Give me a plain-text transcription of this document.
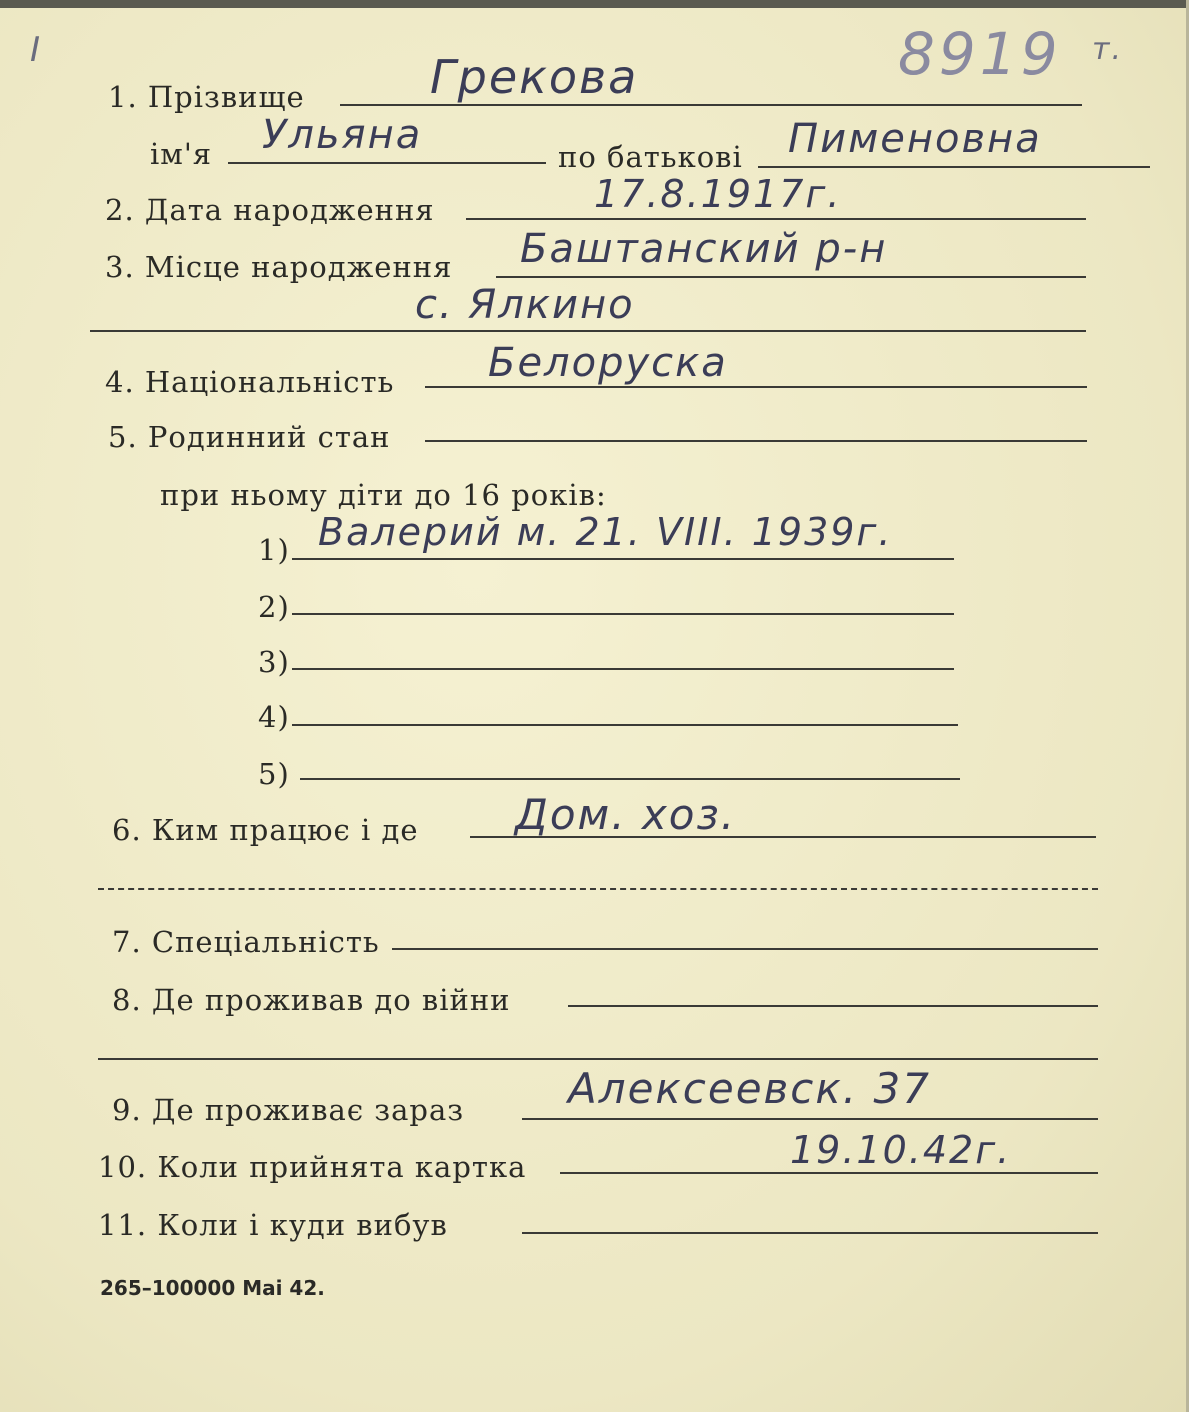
I	8919 т.
1. Прізвище	Грекова
ім'я Ульяна	по батькові Пименовна
2. Дата народження	17.8.1917г.
3. Місце народження Баштанский р-н
с. Ялкино
4. Національність Белоруска
5. Родинний стан
при ньому діти до 16 років:
1) Валерий м. 21. VIII. 1939г.
2)
3)
4)
5)
6. Ким працює і де Дом. хоз.
7. Спеціальність
8. Де проживав до війни
9. Де проживає зараз Алексеевск. 37
10. Коли прийнята картка	19.10.42г.
11. Коли і куди вибув
265–100000 Mai 42.
